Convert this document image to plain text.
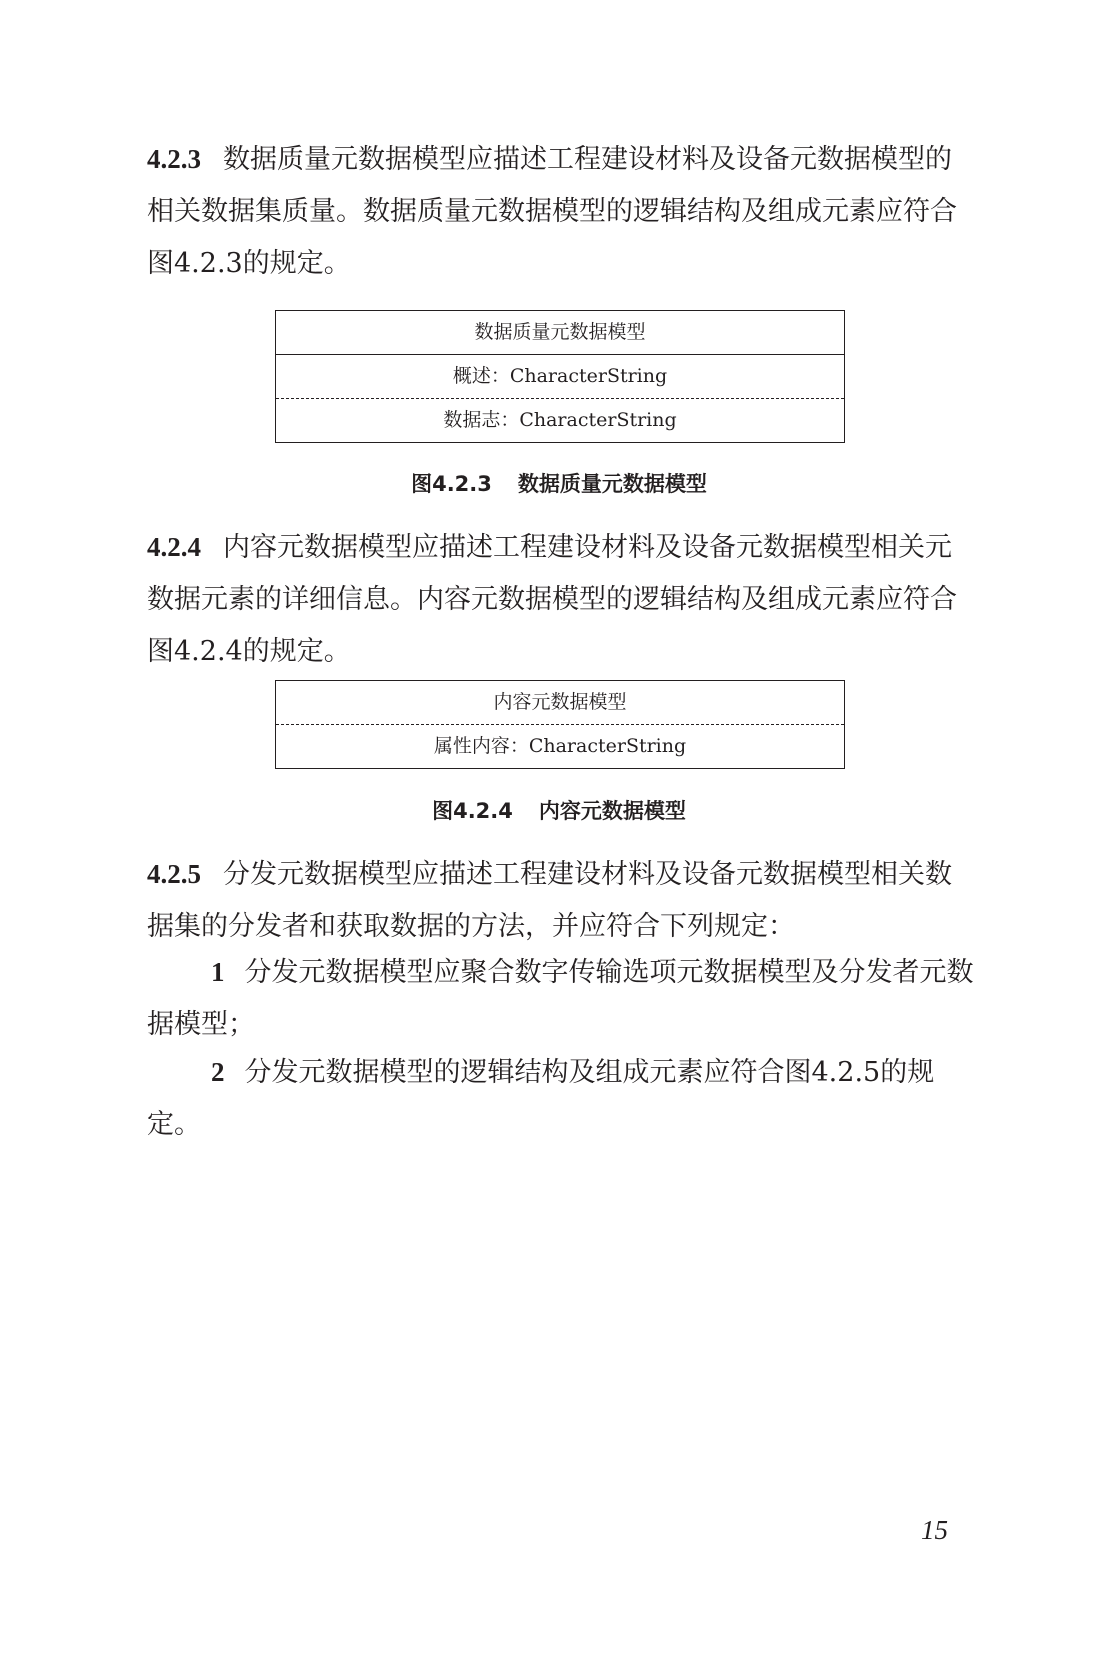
4.2.3 数据质量元数据模型应描述工程建设材料及设备元数据模型的相关数据集质量。数据质量元数据模型的逻辑结构及组成元素应符合图4.2.3的规定。

数据质量元数据模型
概述：CharacterString
数据志：CharacterString
图4.2.3 数据质量元数据模型

4.2.4 内容元数据模型应描述工程建设材料及设备元数据模型相关元数据元素的详细信息。内容元数据模型的逻辑结构及组成元素应符合图4.2.4的规定。

内容元数据模型
属性内容：CharacterString
图4.2.4 内容元数据模型

4.2.5 分发元数据模型应描述工程建设材料及设备元数据模型相关数据集的分发者和获取数据的方法，并应符合下列规定：

1 分发元数据模型应聚合数字传输选项元数据模型及分发者元数据模型；

2 分发元数据模型的逻辑结构及组成元素应符合图4.2.5的规定。

15
